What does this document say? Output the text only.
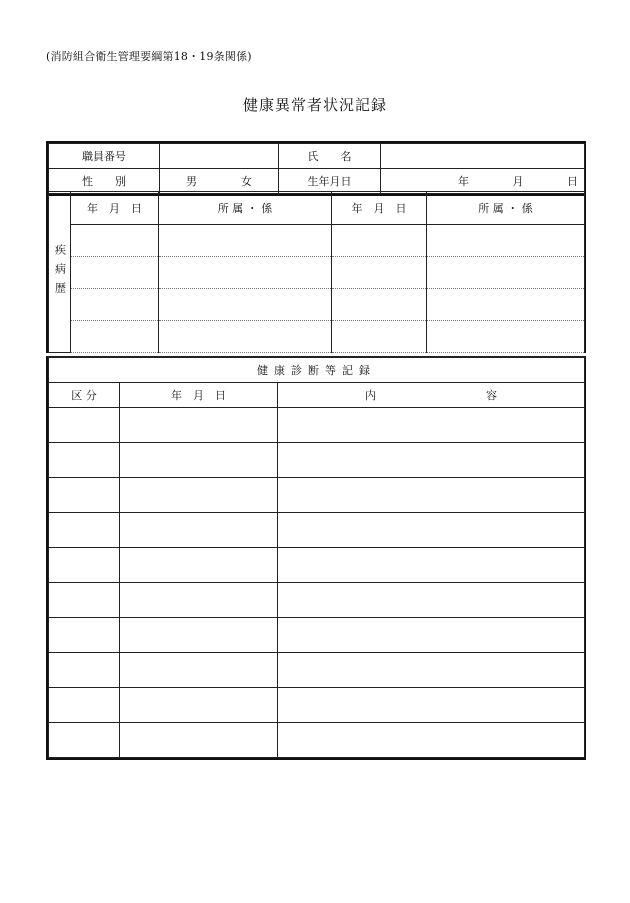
(消防組合衛生管理要綱第18・19条関係)
健康異常者状況記録
職員番号		氏　　名	
性　　別	男　　　　女	生年月日	年 月 日
疾病歴	年　月　日	所 属 ・ 係	年　月　日	所 属 ・ 係

健康診断等記録		
区 分	年　月　日	内 容
